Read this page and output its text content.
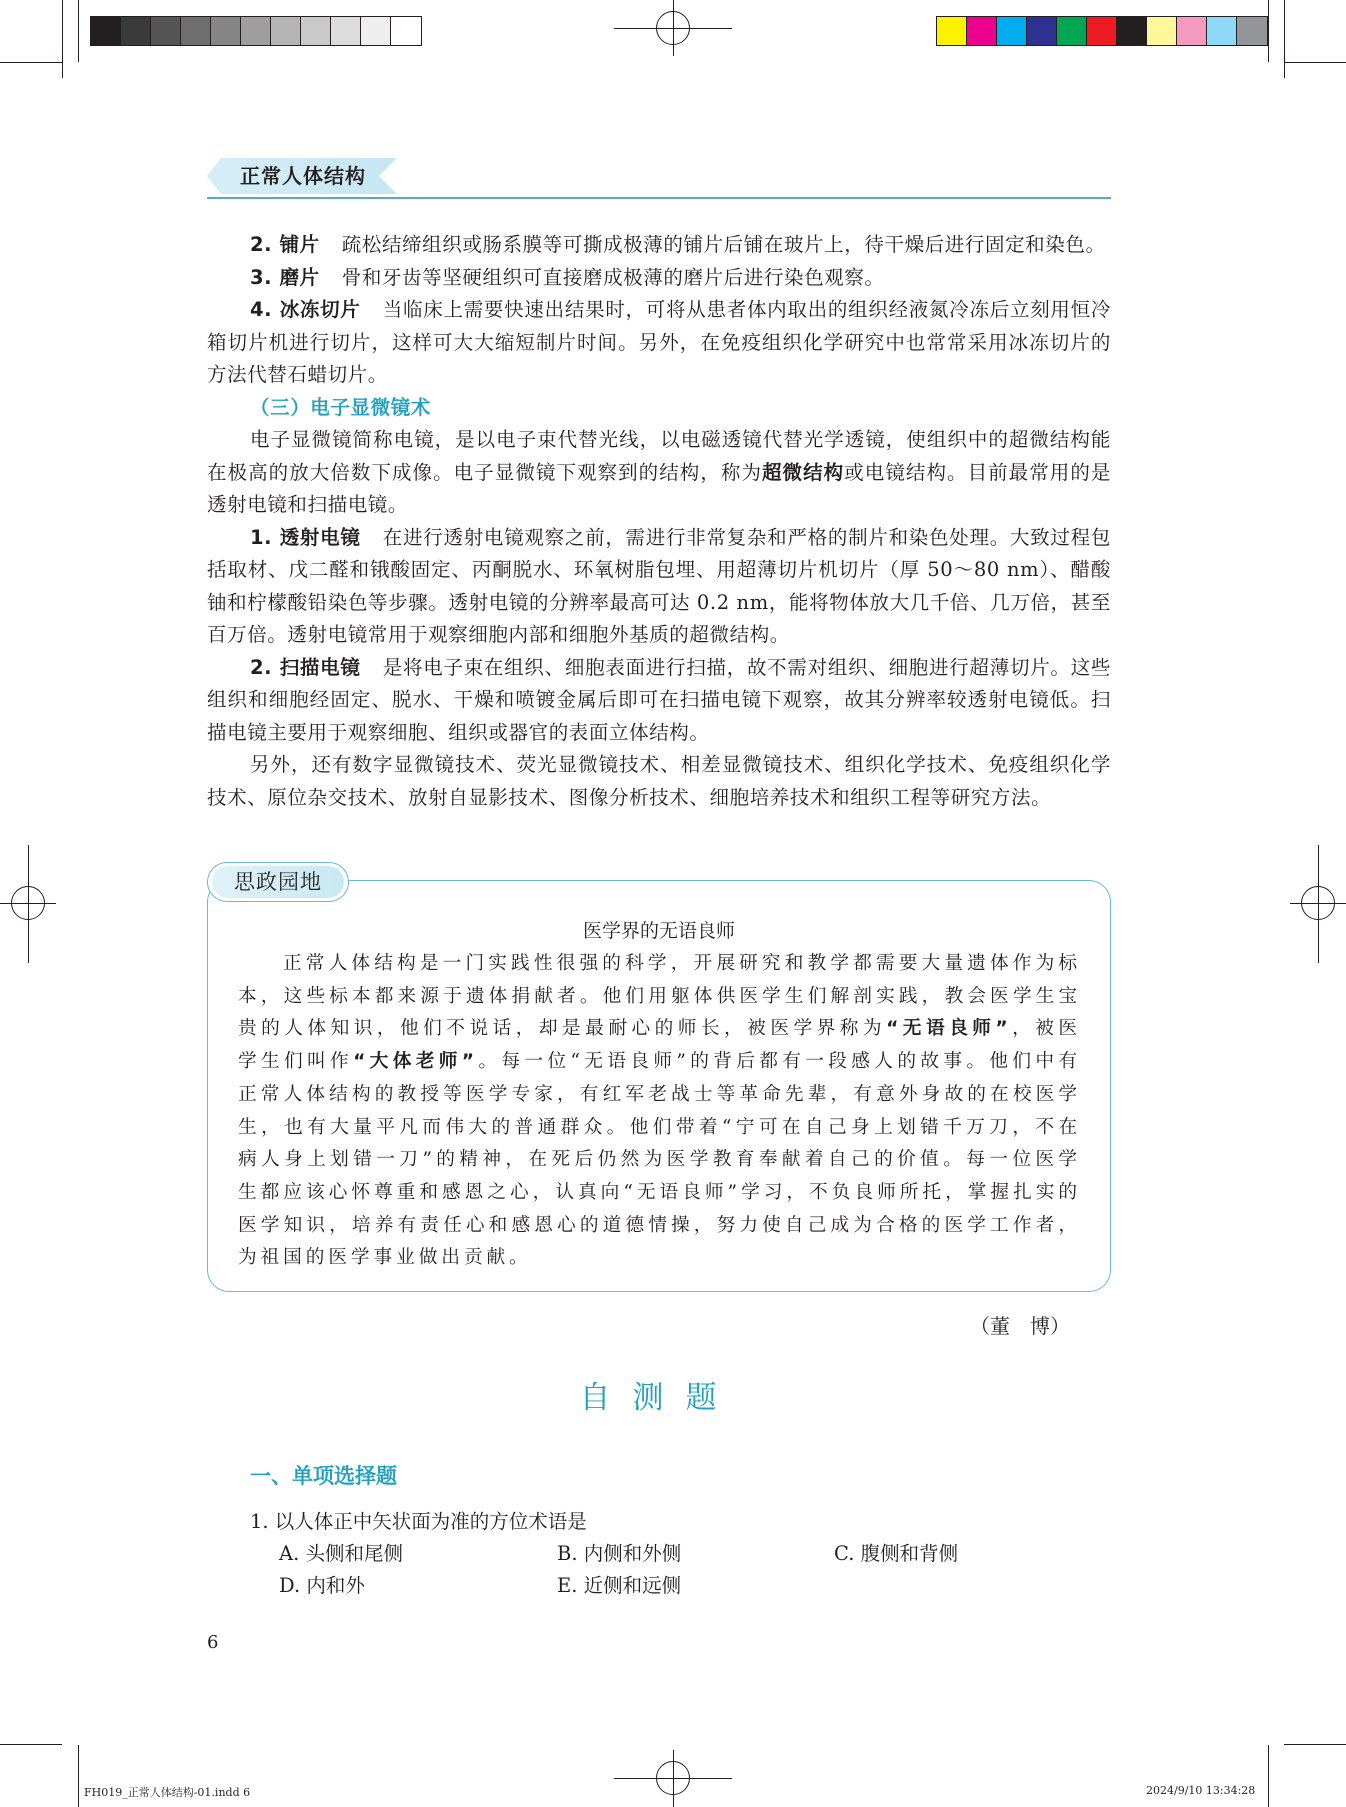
正常人体结构

2. 铺片 疏松结缔组织或肠系膜等可撕成极薄的铺片后铺在玻片上，待干燥后进行固定和染色。

3. 磨片 骨和牙齿等坚硬组织可直接磨成极薄的磨片后进行染色观察。

4. 冰冻切片 当临床上需要快速出结果时，可将从患者体内取出的组织经液氮冷冻后立刻用恒冷箱切片机进行切片，这样可大大缩短制片时间。另外，在免疫组织化学研究中也常常采用冰冻切片的方法代替石蜡切片。

（三）电子显微镜术

电子显微镜简称电镜，是以电子束代替光线，以电磁透镜代替光学透镜，使组织中的超微结构能在极高的放大倍数下成像。电子显微镜下观察到的结构，称为超微结构或电镜结构。目前最常用的是透射电镜和扫描电镜。

1. 透射电镜 在进行透射电镜观察之前，需进行非常复杂和严格的制片和染色处理。大致过程包括取材、戊二醛和锇酸固定、丙酮脱水、环氧树脂包埋、用超薄切片机切片（厚 50～80 nm）、醋酸铀和柠檬酸铅染色等步骤。透射电镜的分辨率最高可达 0.2 nm，能将物体放大几千倍、几万倍，甚至百万倍。透射电镜常用于观察细胞内部和细胞外基质的超微结构。

2. 扫描电镜 是将电子束在组织、细胞表面进行扫描，故不需对组织、细胞进行超薄切片。这些组织和细胞经固定、脱水、干燥和喷镀金属后即可在扫描电镜下观察，故其分辨率较透射电镜低。扫描电镜主要用于观察细胞、组织或器官的表面立体结构。

另外，还有数字显微镜技术、荧光显微镜技术、相差显微镜技术、组织化学技术、免疫组织化学技术、原位杂交技术、放射自显影技术、图像分析技术、细胞培养技术和组织工程等研究方法。

思政园地
医学界的无语良师

正常人体结构是一门实践性很强的科学，开展研究和教学都需要大量遗体作为标本，这些标本都来源于遗体捐献者。他们用躯体供医学生们解剖实践，教会医学生宝贵的人体知识，他们不说话，却是最耐心的师长，被医学界称为“无语良师”，被医学生们叫作“大体老师”。每一位“无语良师”的背后都有一段感人的故事。他们中有正常人体结构的教授等医学专家，有红军老战士等革命先辈，有意外身故的在校医学生，也有大量平凡而伟大的普通群众。他们带着“宁可在自己身上划错千万刀，不在病人身上划错一刀”的精神，在死后仍然为医学教育奉献着自己的价值。每一位医学生都应该心怀尊重和感恩之心，认真向“无语良师”学习，不负良师所托，掌握扎实的医学知识，培养有责任心和感恩心的道德情操，努力使自己成为合格的医学工作者，为祖国的医学事业做出贡献。

（董　博）
自测题
一、单项选择题
1. 以人体正中矢状面为准的方位术语是
A. 头侧和尾侧	B. 内侧和外侧	C. 腹侧和背侧
D. 内和外	E. 近侧和远侧
6
FH019_正常人体结构-01.indd 6	2024/9/10 13:34:28
